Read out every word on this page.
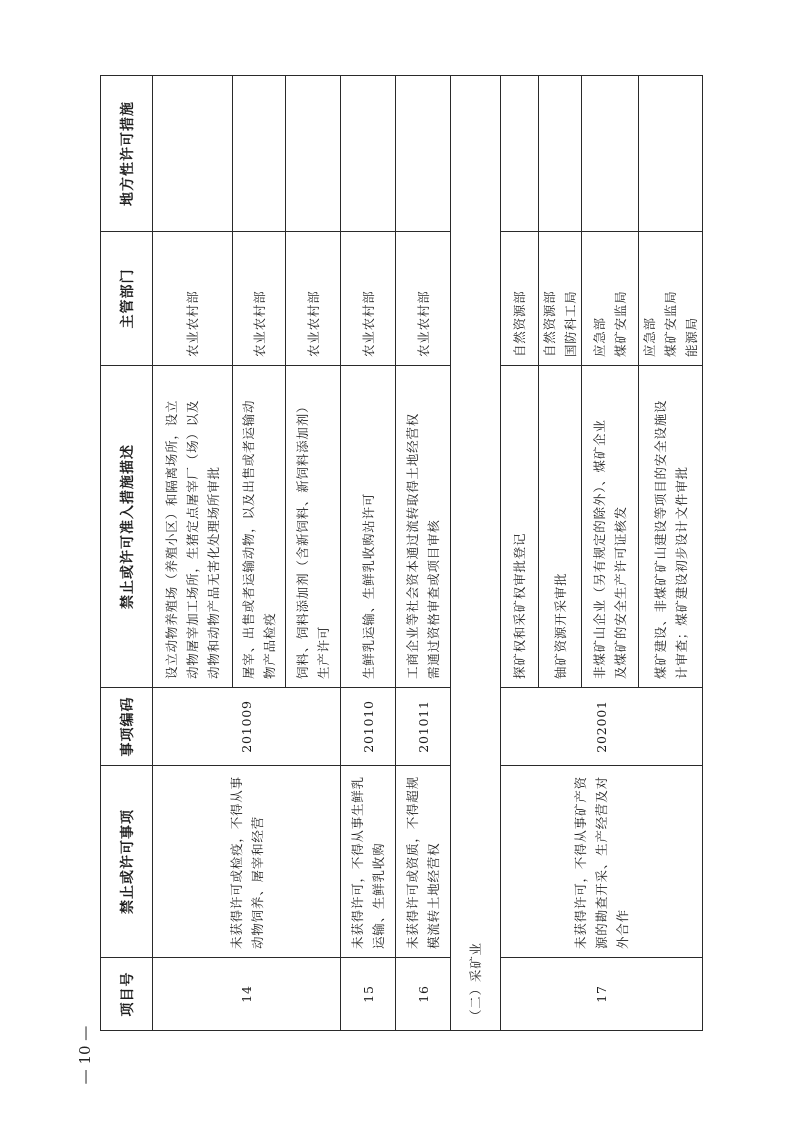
— 10 —
项目号	禁止或许可事项	事项编码	禁止或许可准入措施描述	主管部门	地方性许可措施
14	未获得许可或检疫，不得从事
动物饲养、屠宰和经营	201009	设立动物养殖场（养殖小区）和隔离场所，设立
动物屠宰加工场所，生猪定点屠宰厂（场）以及
动物和动物产品无害化处理场所审批	农业农村部	
			屠宰、出售或者运输动物，以及出售或者运输动
物产品检疫	农业农村部	
			饲料、饲料添加剂（含新饲料、新饲料添加剂）
生产许可	农业农村部	
15	未获得许可，不得从事生鲜乳
运输、生鲜乳收购	201010	生鲜乳运输、生鲜乳收购站许可	农业农村部	
16	未获得许可或资质，不得超规
模流转土地经营权	201011	工商企业等社会资本通过流转取得土地经营权
需通过资格审查或项目审核	农业农村部	
（二）采矿业					
17	未获得许可，不得从事矿产资
源的勘查开采、生产经营及对
外合作	202001	探矿权和采矿权审批登记	自然资源部	
			铀矿资源开采审批	自然资源部
国防科工局	
			非煤矿山企业（另有规定的除外）、煤矿企业
及煤矿的安全生产许可证核发	应急部
煤矿安监局	
			煤矿建设、非煤矿矿山建设等项目的安全设施设
计审查；煤矿建设初步设计文件审批	应急部
煤矿安监局
能源局	
